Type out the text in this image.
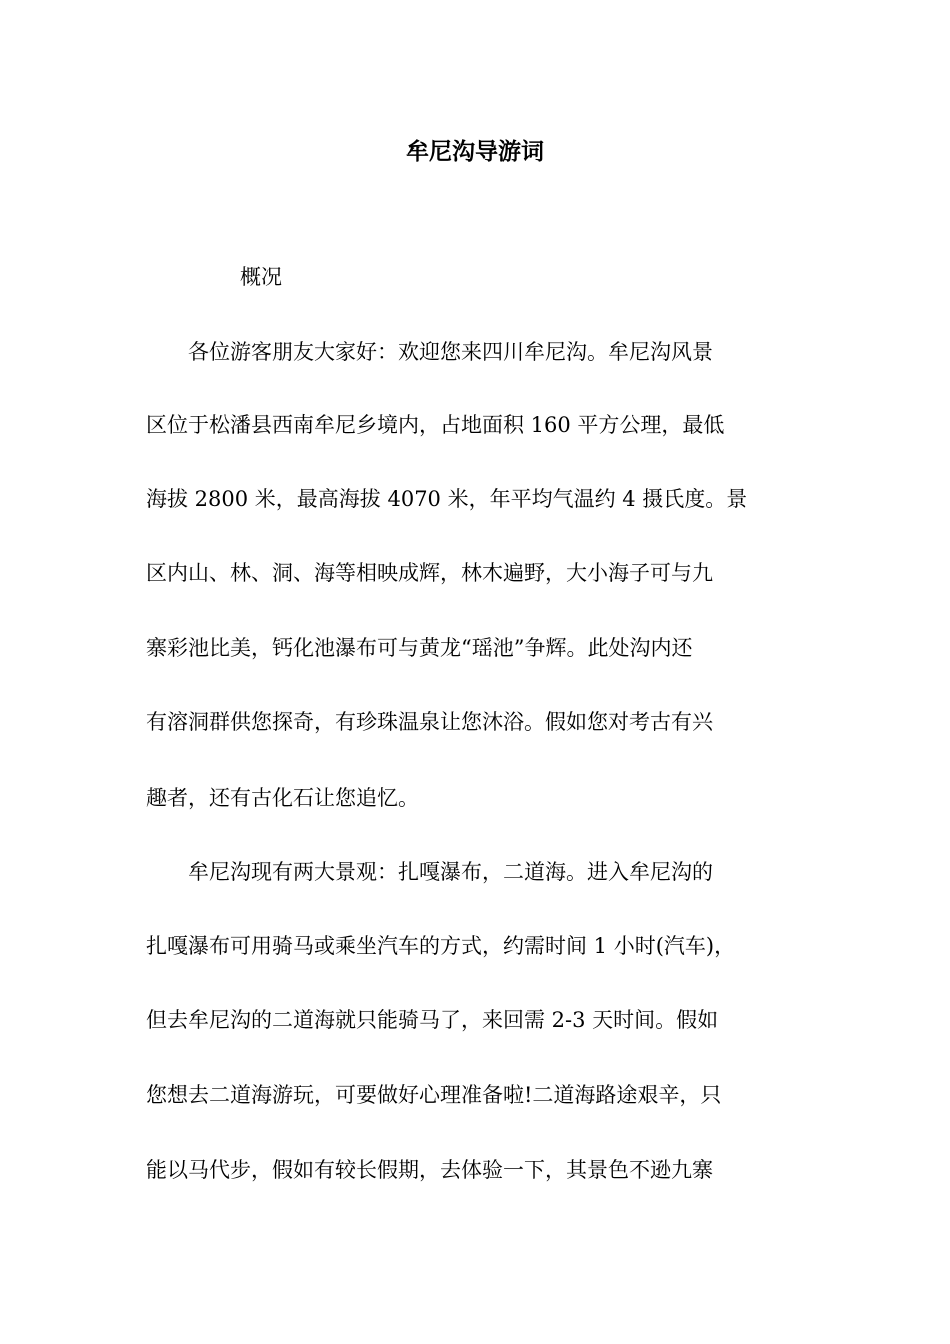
牟尼沟导游词
概况
　　各位游客朋友大家好：欢迎您来四川牟尼沟。牟尼沟风景
区位于松潘县西南牟尼乡境内，占地面积 160 平方公理，最低
海拔 2800 米，最高海拔 4070 米，年平均气温约 4 摄氏度。景
区内山、林、洞、海等相映成辉，林木遍野，大小海子可与九
寨彩池比美，钙化池瀑布可与黄龙“瑶池”争辉。此处沟内还
有溶洞群供您探奇，有珍珠温泉让您沐浴。假如您对考古有兴
趣者，还有古化石让您追忆。
　　牟尼沟现有两大景观：扎嘎瀑布，二道海。进入牟尼沟的
扎嘎瀑布可用骑马或乘坐汽车的方式，约需时间 1 小时(汽车)，
但去牟尼沟的二道海就只能骑马了，来回需 2-3 天时间。假如
您想去二道海游玩，可要做好心理准备啦!二道海路途艰辛，只
能以马代步，假如有较长假期，去体验一下，其景色不逊九寨
